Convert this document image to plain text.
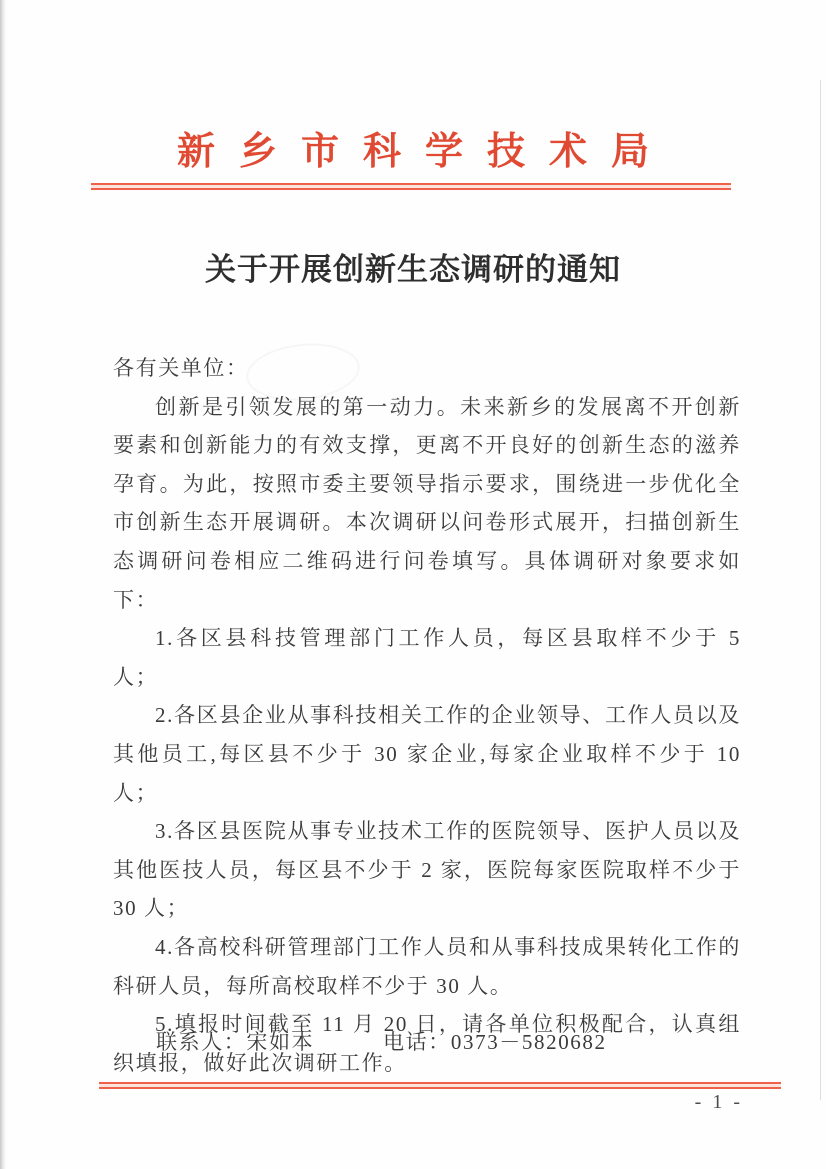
新乡市科学技术局
关于开展创新生态调研的通知

各有关单位：

创新是引领发展的第一动力。未来新乡的发展离不开创新要素和创新能力的有效支撑，更离不开良好的创新生态的滋养孕育。为此，按照市委主要领导指示要求，围绕进一步优化全市创新生态开展调研。本次调研以问卷形式展开，扫描创新生态调研问卷相应二维码进行问卷填写。具体调研对象要求如下：

1.各区县科技管理部门工作人员，每区县取样不少于 5 人；

2.各区县企业从事科技相关工作的企业领导、工作人员以及其他员工,每区县不少于 30 家企业,每家企业取样不少于 10 人；

3.各区县医院从事专业技术工作的医院领导、医护人员以及其他医技人员，每区县不少于 2 家，医院每家医院取样不少于 30 人；

4.各高校科研管理部门工作人员和从事科技成果转化工作的科研人员，每所高校取样不少于 30 人。

5.填报时间截至 11 月 20 日，请各单位积极配合，认真组织填报，做好此次调研工作。

联系人：宋如本	电话：0373－5820682
- 1 -
